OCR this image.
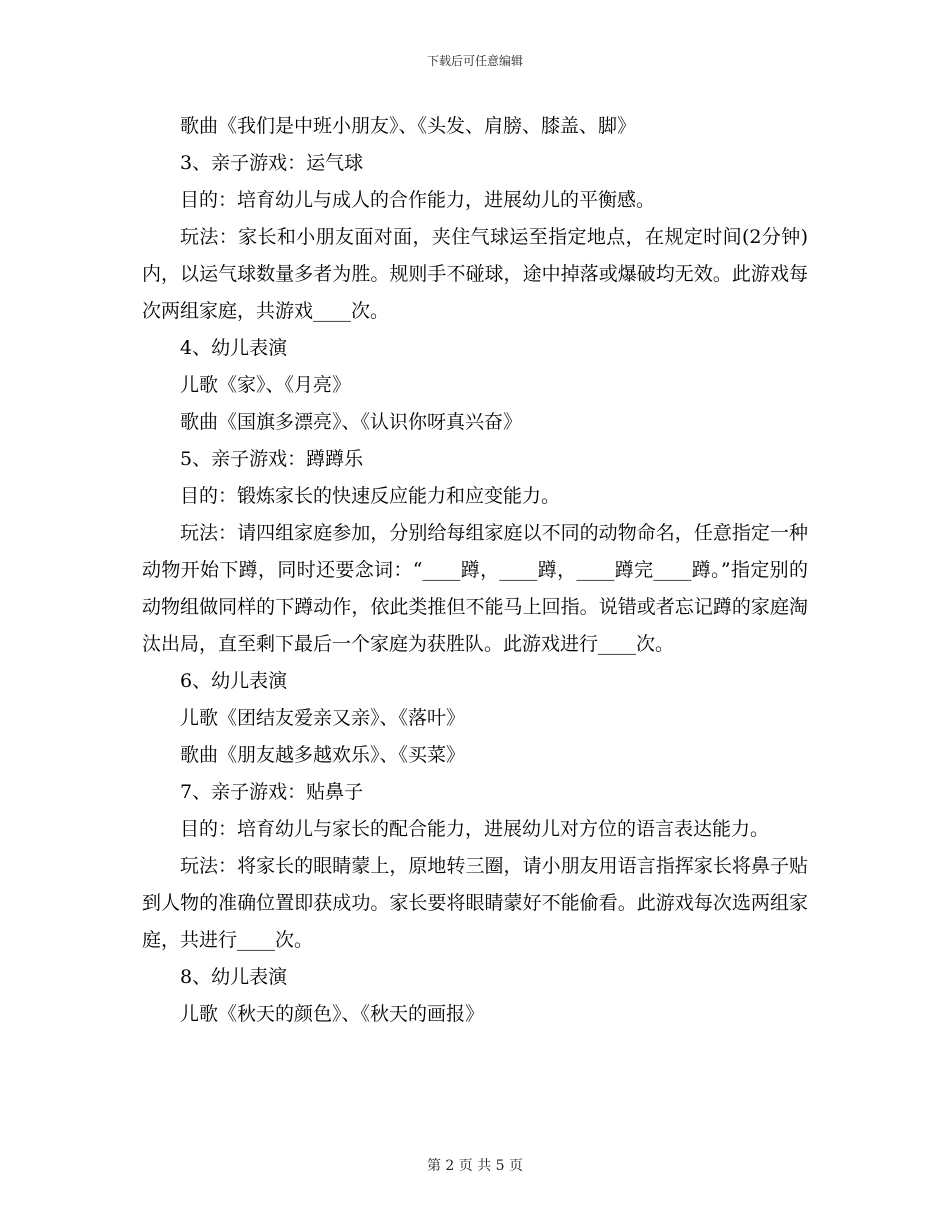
下载后可任意编辑

歌曲《我们是中班小朋友》、《头发、肩膀、膝盖、脚》

3、亲子游戏：运气球

目的：培育幼儿与成人的合作能力，进展幼儿的平衡感。

玩法：家长和小朋友面对面，夹住气球运至指定地点，在规定时间(2分钟)内，以运气球数量多者为胜。规则手不碰球，途中掉落或爆破均无效。此游戏每次两组家庭，共游戏____次。

4、幼儿表演

儿歌《家》、《月亮》

歌曲《国旗多漂亮》、《认识你呀真兴奋》

5、亲子游戏：蹲蹲乐

目的：锻炼家长的快速反应能力和应变能力。

玩法：请四组家庭参加，分别给每组家庭以不同的动物命名，任意指定一种动物开始下蹲，同时还要念词：“____蹲，____蹲，____蹲完____蹲。”指定别的动物组做同样的下蹲动作，依此类推但不能马上回指。说错或者忘记蹲的家庭淘汰出局，直至剩下最后一个家庭为获胜队。此游戏进行____次。

6、幼儿表演

儿歌《团结友爱亲又亲》、《落叶》

歌曲《朋友越多越欢乐》、《买菜》

7、亲子游戏：贴鼻子

目的：培育幼儿与家长的配合能力，进展幼儿对方位的语言表达能力。

玩法：将家长的眼睛蒙上，原地转三圈，请小朋友用语言指挥家长将鼻子贴到人物的准确位置即获成功。家长要将眼睛蒙好不能偷看。此游戏每次选两组家庭，共进行____次。

8、幼儿表演

儿歌《秋天的颜色》、《秋天的画报》

第 2 页 共 5 页
